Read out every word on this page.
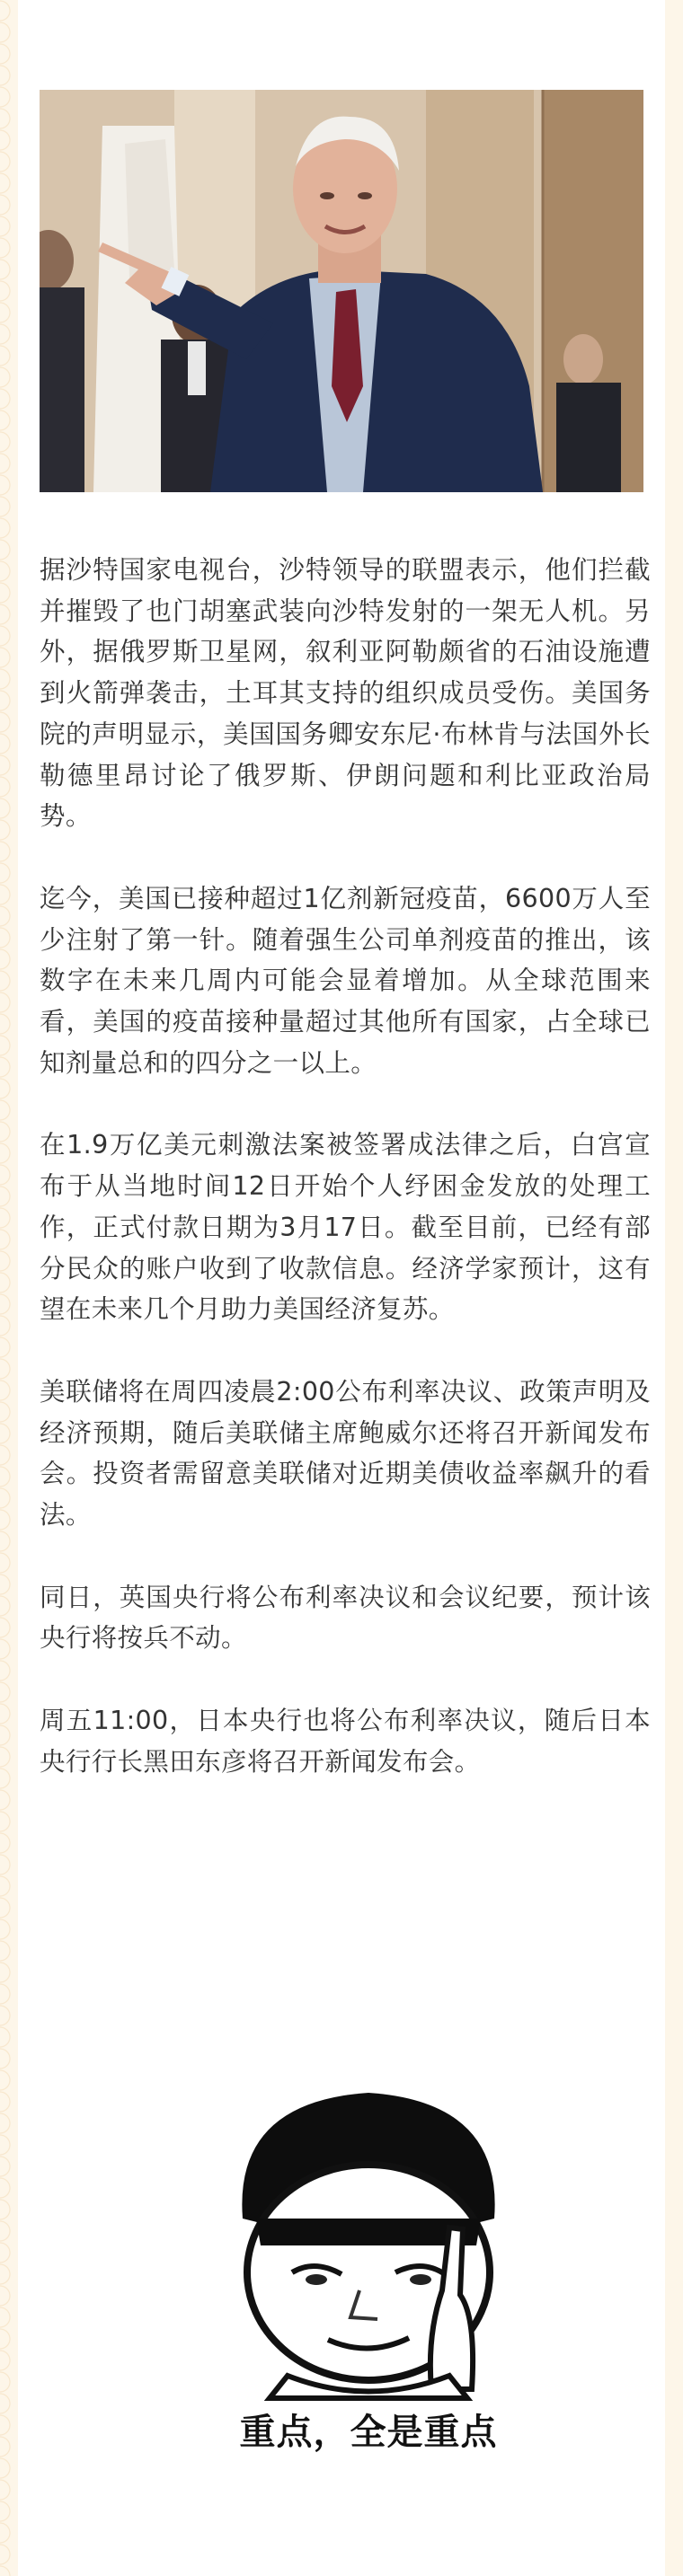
据沙特国家电视台，沙特领导的联盟表示，他们拦截并摧毁了也门胡塞武装向沙特发射的一架无人机。另外，据俄罗斯卫星网，叙利亚阿勒颇省的石油设施遭到火箭弹袭击，土耳其支持的组织成员受伤。美国务院的声明显示，美国国务卿安东尼·布林肯与法国外长勒德里昂讨论了俄罗斯、伊朗问题和利比亚政治局势。

迄今，美国已接种超过1亿剂新冠疫苗，6600万人至少注射了第一针。随着强生公司单剂疫苗的推出，该数字在未来几周内可能会显着增加。从全球范围来看，美国的疫苗接种量超过其他所有国家，占全球已知剂量总和的四分之一以上。

在1.9万亿美元刺激法案被签署成法律之后，白宫宣布于从当地时间12日开始个人纾困金发放的处理工作，正式付款日期为3月17日。截至目前，已经有部分民众的账户收到了收款信息。经济学家预计，这有望在未来几个月助力美国经济复苏。

美联储将在周四凌晨2:00公布利率决议、政策声明及经济预期，随后美联储主席鲍威尔还将召开新闻发布会。投资者需留意美联储对近期美债收益率飙升的看法。

同日，英国央行将公布利率决议和会议纪要，预计该央行将按兵不动。

周五11:00，日本央行也将公布利率决议，随后日本央行行长黑田东彦将召开新闻发布会。

重点，全是重点
